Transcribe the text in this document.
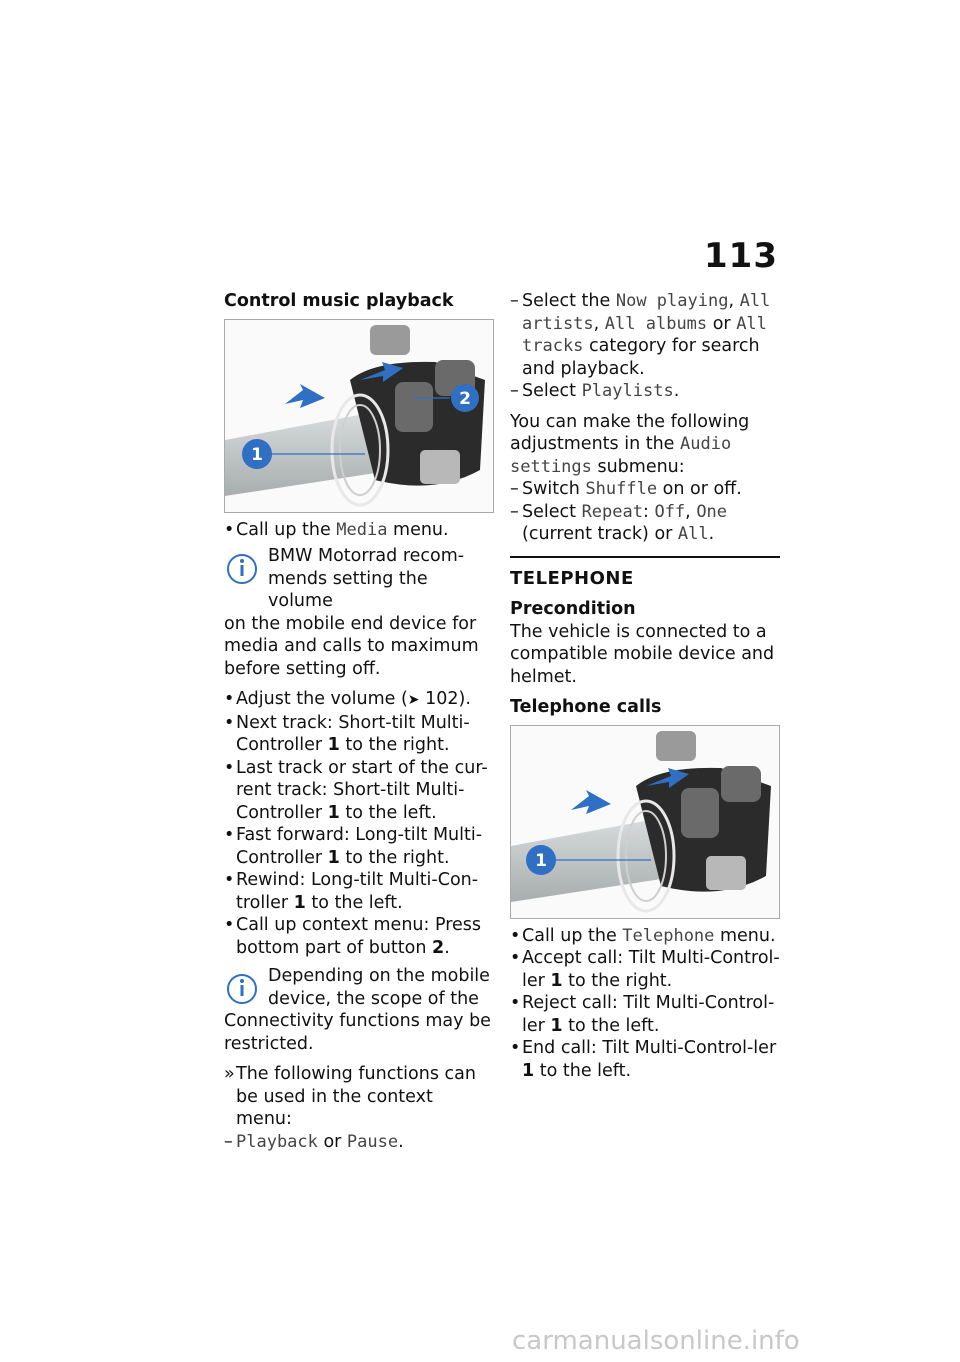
113
Control music playback
1
2
• Call up the Media menu.
BMW Motorrad recom-mends setting the volume
on the mobile end device for media and calls to maximum before setting off.
• Adjust the volume (➤ 102).
• Next track: Short-tilt Multi-Controller 1 to the right.
• Last track or start of the cur-rent track: Short-tilt Multi-Controller 1 to the left.
• Fast forward: Long-tilt Multi-Controller 1 to the right.
• Rewind: Long-tilt Multi-Con-troller 1 to the left.
• Call up context menu: Press bottom part of button 2.
Depending on the mobile device, the scope of the
Connectivity functions may be restricted.
» The following functions can be used in the context menu:
– Playback or Pause.
– Select the Now playing, All artists, All albums or All tracks category for search and playback.
– Select Playlists.

You can make the following adjustments in the Audio settings submenu:

– Switch Shuffle on or off.
– Select Repeat: Off, One (current track) or All.
TELEPHONE
Precondition

The vehicle is connected to a compatible mobile device and helmet.

Telephone calls
1
• Call up the Telephone menu.
• Accept call: Tilt Multi-Control-ler 1 to the right.
• Reject call: Tilt Multi-Control-ler 1 to the left.
• End call: Tilt Multi-Control-ler 1 to the left.
carmanualsonline.info
